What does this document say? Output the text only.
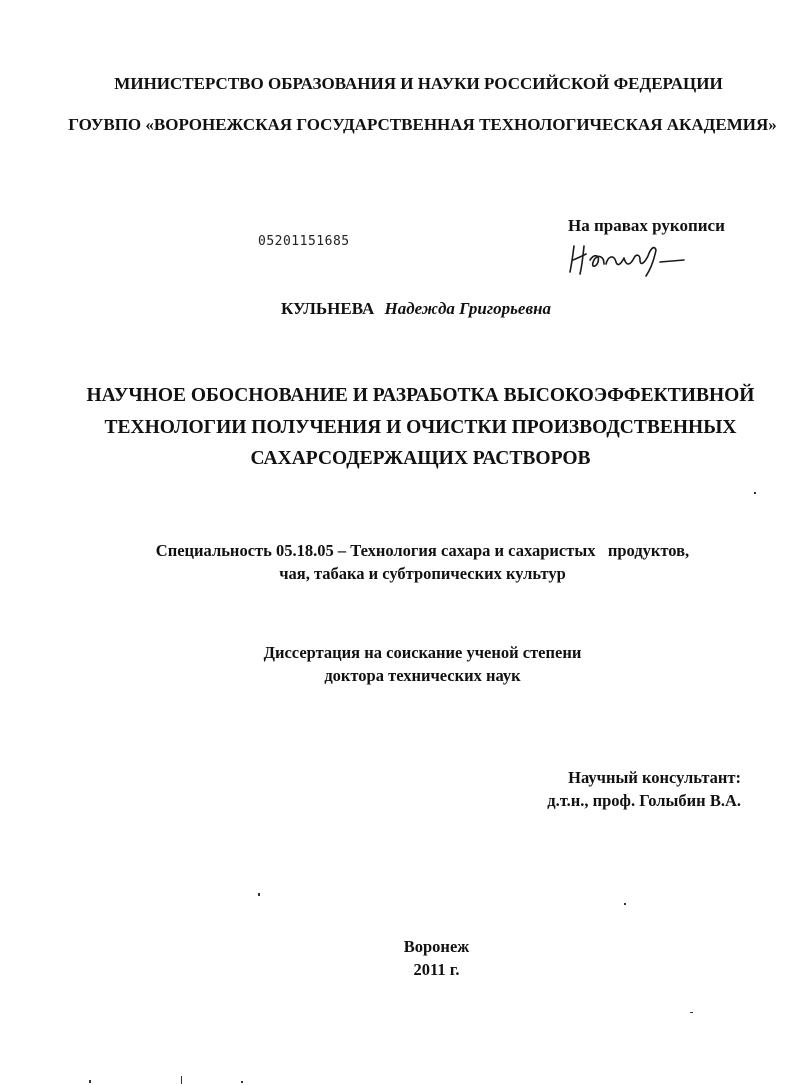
МИНИСТЕРСТВО ОБРАЗОВАНИЯ И НАУКИ РОССИЙСКОЙ ФЕДЕРАЦИИ
ГОУВПО «ВОРОНЕЖСКАЯ ГОСУДАРСТВЕННАЯ ТЕХНОЛОГИЧЕСКАЯ АКАДЕМИЯ»
05201151685
На правах рукописи
КУЛЬНЕВА Надежда Григорьевна
НАУЧНОЕ ОБОСНОВАНИЕ И РАЗРАБОТКА ВЫСОКОЭФФЕКТИВНОЙ
ТЕХНОЛОГИИ ПОЛУЧЕНИЯ И ОЧИСТКИ ПРОИЗВОДСТВЕННЫХ
САХАРСОДЕРЖАЩИХ РАСТВОРОВ
Специальность 05.18.05 – Технология сахара и сахаристых   продуктов,
чая, табака и субтропических культур
Диссертация на соискание ученой степени
доктора технических наук
Научный консультант:
д.т.н., проф. Голыбин В.А.
Воронеж
2011 г.
